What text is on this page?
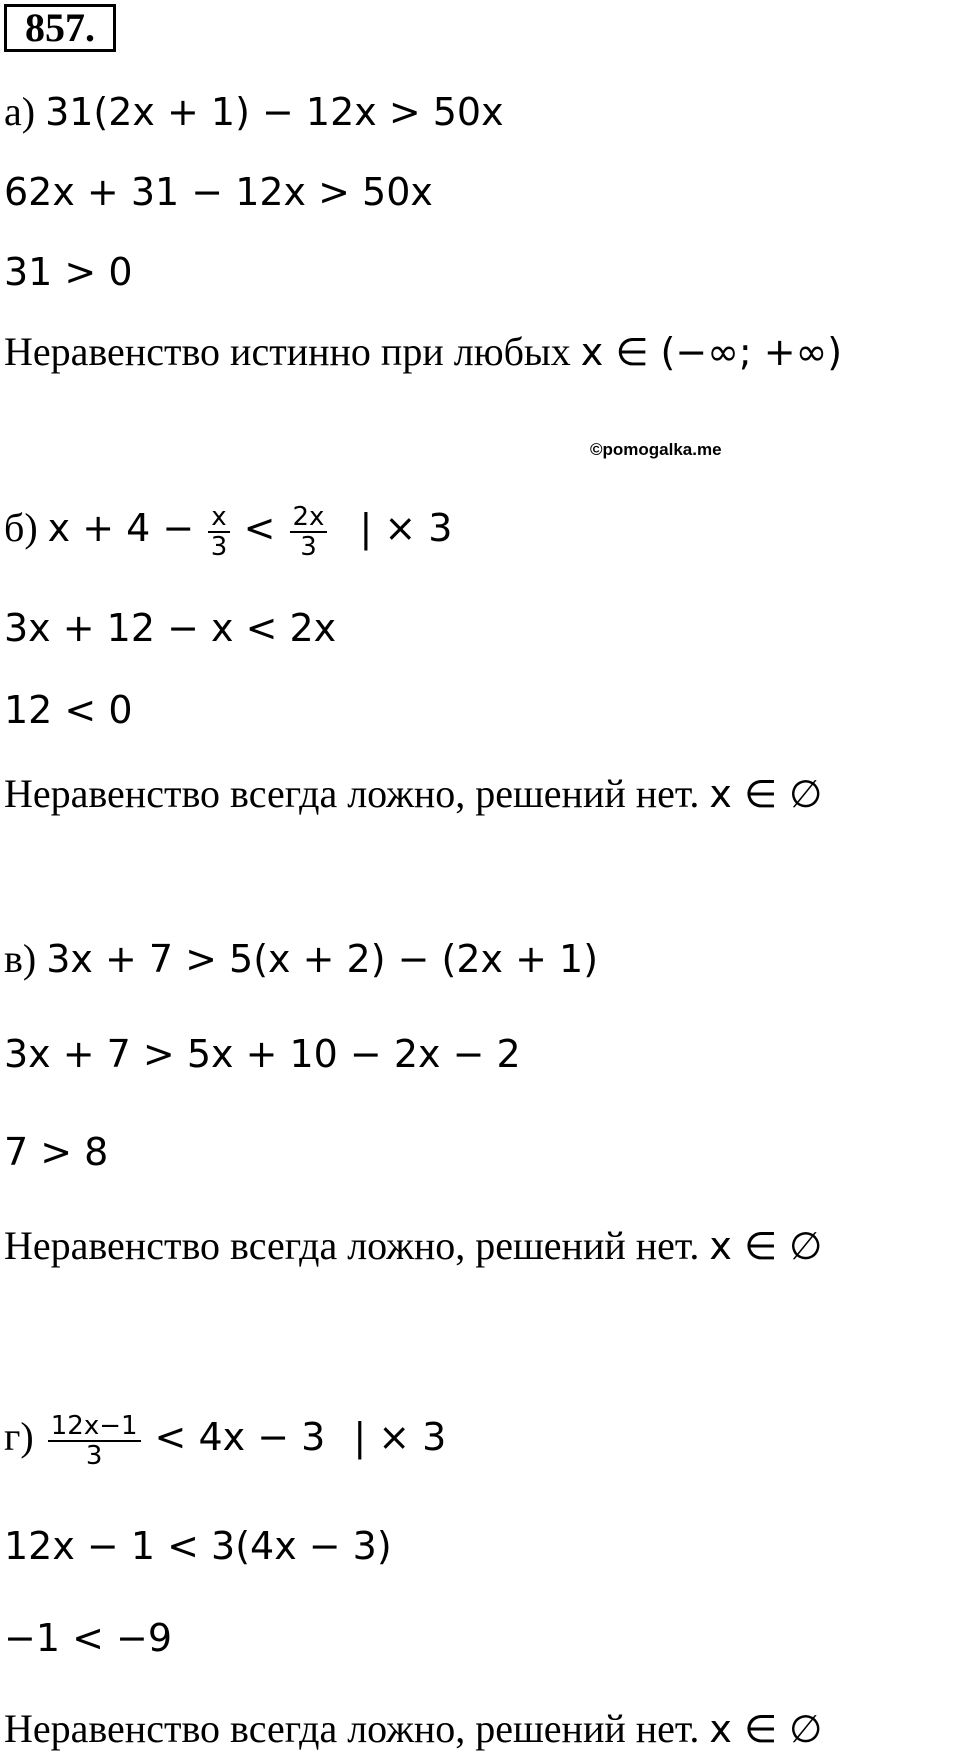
857.
а) 31(2x + 1) − 12x > 50x
62x + 31 − 12x > 50x
31 > 0
Неравенство истинно при любых x ∈ (−∞; +∞)
©pomogalka.me
б) $x + 4 - \frac{x}{3} < \frac{2x}{3}$ | × 3
3x + 12 − x < 2x
12 < 0
Неравенство всегда ложно, решений нет. x ∈ ∅
в) 3x + 7 > 5(x + 2) − (2x + 1)
3x + 7 > 5x + 10 − 2x − 2
7 > 8
Неравенство всегда ложно, решений нет. x ∈ ∅
$г) \frac{12x-1}{3} < 4x - 3$ | × 3
12x − 1 < 3(4x − 3)
−1 < −9
Неравенство всегда ложно, решений нет. x ∈ ∅
